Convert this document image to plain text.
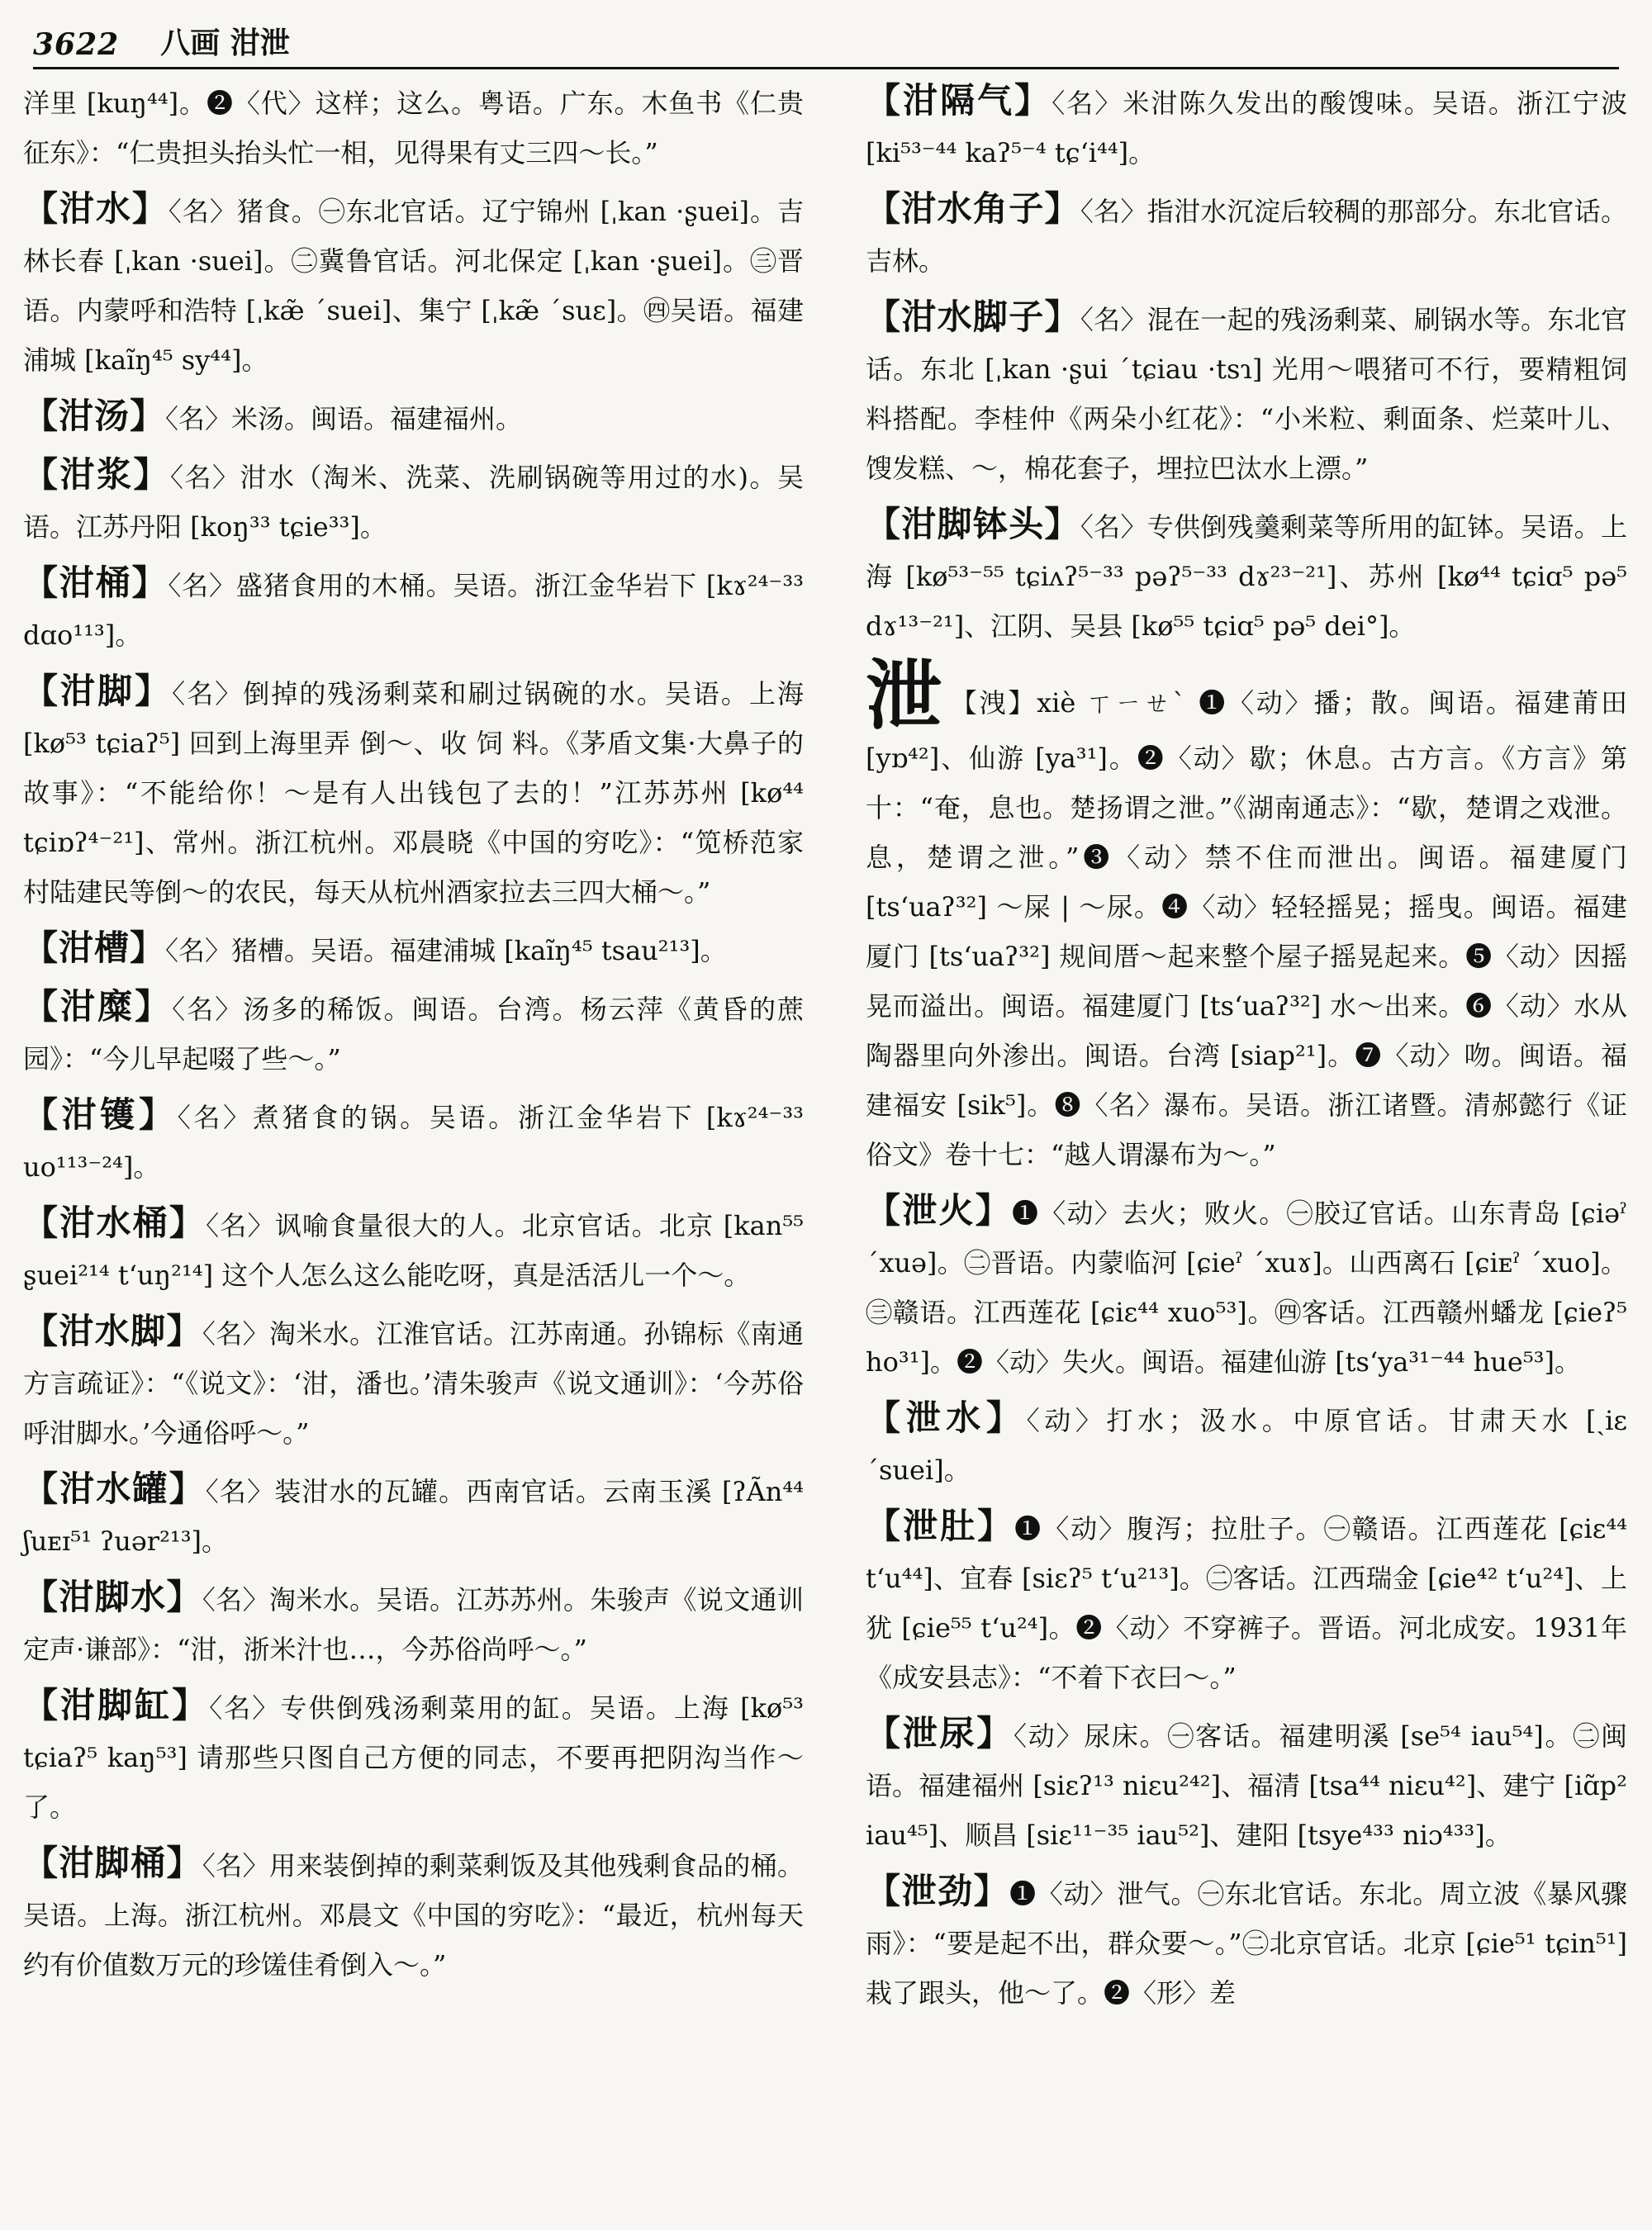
3622 八画 泔泄

洋里 [kuŋ⁴⁴]。❷〈代〉这样；这么。粤语。广东。木鱼书《仁贵征东》：“仁贵担头抬头忙一相，见得果有丈三四～长。”

【泔水】〈名〉猪食。㊀东北官话。辽宁锦州 [ˌkan ·ʂuei]。吉林长春 [ˌkan ·suei]。㊁冀鲁官话。河北保定 [ˌkan ·ʂuei]。㊂晋语。内蒙呼和浩特 [ˌkæ̃ ˊsuei]、集宁 [ˌkæ̃ ˊsuɛ]。㊃吴语。福建浦城 [kaĩŋ⁴⁵ sy⁴⁴]。

【泔汤】〈名〉米汤。闽语。福建福州。

【泔浆】〈名〉泔水（淘米、洗菜、洗刷锅碗等用过的水)。吴语。江苏丹阳 [koŋ³³ tɕie³³]。

【泔桶】〈名〉盛猪食用的木桶。吴语。浙江金华岩下 [kɤ²⁴⁻³³ dɑo¹¹³]。

【泔脚】〈名〉倒掉的残汤剩菜和刷过锅碗的水。吴语。上海 [kø⁵³ tɕiaʔ⁵] 回到上海里弄 倒～、收 饲 料。《茅盾文集·大鼻子的故事》：“不能给你！～是有人出钱包了去的！”江苏苏州 [kø⁴⁴ tɕiɒʔ⁴⁻²¹]、常州。浙江杭州。邓晨晓《中国的穷吃》：“笕桥范家村陆建民等倒～的农民，每天从杭州酒家拉去三四大桶～。”

【泔槽】〈名〉猪槽。吴语。福建浦城 [kaĩŋ⁴⁵ tsau²¹³]。

【泔糜】〈名〉汤多的稀饭。闽语。台湾。杨云萍《黄昏的蔗园》：“今儿早起啜了些～。”

【泔镬】〈名〉煮猪食的锅。吴语。浙江金华岩下 [kɤ²⁴⁻³³ uo¹¹³⁻²⁴]。

【泔水桶】〈名〉讽喻食量很大的人。北京官话。北京 [kan⁵⁵ ʂuei²¹⁴ tʻuŋ²¹⁴] 这个人怎么这么能吃呀，真是活活儿一个～。

【泔水脚】〈名〉淘米水。江淮官话。江苏南通。孙锦标《南通方言疏证》：“《说文》：‘泔，潘也。’清朱骏声《说文通训》：‘今苏俗呼泔脚水。’今通俗呼～。”

【泔水罐】〈名〉装泔水的瓦罐。西南官话。云南玉溪 [ʔÃn⁴⁴ ʃuᴇɪ⁵¹ ʔuər²¹³]。

【泔脚水】〈名〉淘米水。吴语。江苏苏州。朱骏声《说文通训定声·谦部》：“泔，浙米汁也…，今苏俗尚呼～。”

【泔脚缸】〈名〉专供倒残汤剩菜用的缸。吴语。上海 [kø⁵³ tɕiaʔ⁵ kaŋ⁵³] 请那些只图自己方便的同志，不要再把阴沟当作～了。

【泔脚桶】〈名〉用来装倒掉的剩菜剩饭及其他残剩食品的桶。吴语。上海。浙江杭州。邓晨文《中国的穷吃》：“最近，杭州每天约有价值数万元的珍馐佳肴倒入～。”

【泔隔气】〈名〉米泔陈久发出的酸馊味。吴语。浙江宁波 [ki⁵³⁻⁴⁴ kaʔ⁵⁻⁴ tɕʻi⁴⁴]。

【泔水角子】〈名〉指泔水沉淀后较稠的那部分。东北官话。吉林。

【泔水脚子】〈名〉混在一起的残汤剩菜、刷锅水等。东北官话。东北 [ˌkan ·ʂui ˊtɕiau ·tsɿ] 光用～喂猪可不行，要精粗饲料搭配。李桂仲《两朵小红花》：“小米粒、剩面条、烂菜叶儿、馊发糕、～，棉花套子，埋拉巴汰水上漂。”

【泔脚钵头】〈名〉专供倒残羹剩菜等所用的缸钵。吴语。上海 [kø⁵³⁻⁵⁵ tɕiʌʔ⁵⁻³³ pəʔ⁵⁻³³ dɤ²³⁻²¹]、苏州 [kø⁴⁴ tɕiɑ⁵ pə⁵ dɤ¹³⁻²¹]、江阴、吴县 [kø⁵⁵ tɕiɑ⁵ pə⁵ dei°]。

泄 【洩】xiè ㄒㄧㄝˋ ❶〈动〉播；散。闽语。福建莆田 [yɒ⁴²]、仙游 [ya³¹]。❷〈动〉歇；休息。古方言。《方言》第十：“奄，息也。楚扬谓之泄。”《湖南通志》：“歇，楚谓之戏泄。息，楚谓之泄。”❸〈动〉禁不住而泄出。闽语。福建厦门 [tsʻuaʔ³²] ～屎 | ～尿。❹〈动〉轻轻摇晃；摇曳。闽语。福建厦门 [tsʻuaʔ³²] 规间厝～起来整个屋子摇晃起来。❺〈动〉因摇晃而溢出。闽语。福建厦门 [tsʻuaʔ³²] 水～出来。❻〈动〉水从陶器里向外渗出。闽语。台湾 [siap²¹]。❼〈动〉吻。闽语。福建福安 [sik⁵]。❽〈名〉瀑布。吴语。浙江诸暨。清郝懿行《证俗文》卷十七：“越人谓瀑布为～。”

【泄火】❶〈动〉去火；败火。㊀胶辽官话。山东青岛 [ɕiəˀ ˊxuə]。㊁晋语。内蒙临河 [ɕieˀ ˊxuɤ]。山西离石 [ɕiᴇˀ ˊxuo]。㊂赣语。江西莲花 [ɕiɛ⁴⁴ xuo⁵³]。㊃客话。江西赣州蟠龙 [ɕieʔ⁵ ho³¹]。❷〈动〉失火。闽语。福建仙游 [tsʻya³¹⁻⁴⁴ hue⁵³]。

【泄水】〈动〉打水；汲水。中原官话。甘肃天水 [ˏiɛ ˊsuei]。

【泄肚】❶〈动〉腹泻；拉肚子。㊀赣语。江西莲花 [ɕiɛ⁴⁴ tʻu⁴⁴]、宜春 [siɛʔ⁵ tʻu²¹³]。㊁客话。江西瑞金 [ɕie⁴² tʻu²⁴]、上犹 [ɕie⁵⁵ tʻu²⁴]。❷〈动〉不穿裤子。晋语。河北成安。1931年《成安县志》：“不着下衣曰～。”

【泄尿】〈动〉尿床。㊀客话。福建明溪 [se⁵⁴ iau⁵⁴]。㊁闽语。福建福州 [siɛʔ¹³ niɛu²⁴²]、福清 [tsa⁴⁴ niɛu⁴²]、建宁 [iɑ̃p² iau⁴⁵]、顺昌 [siɛ¹¹⁻³⁵ iau⁵²]、建阳 [tsye⁴³³ niɔ⁴³³]。

【泄劲】❶〈动〉泄气。㊀东北官话。东北。周立波《暴风骤雨》：“要是起不出，群众要～。”㊁北京官话。北京 [ɕie⁵¹ tɕin⁵¹] 栽了跟头，他～了。❷〈形〉差
